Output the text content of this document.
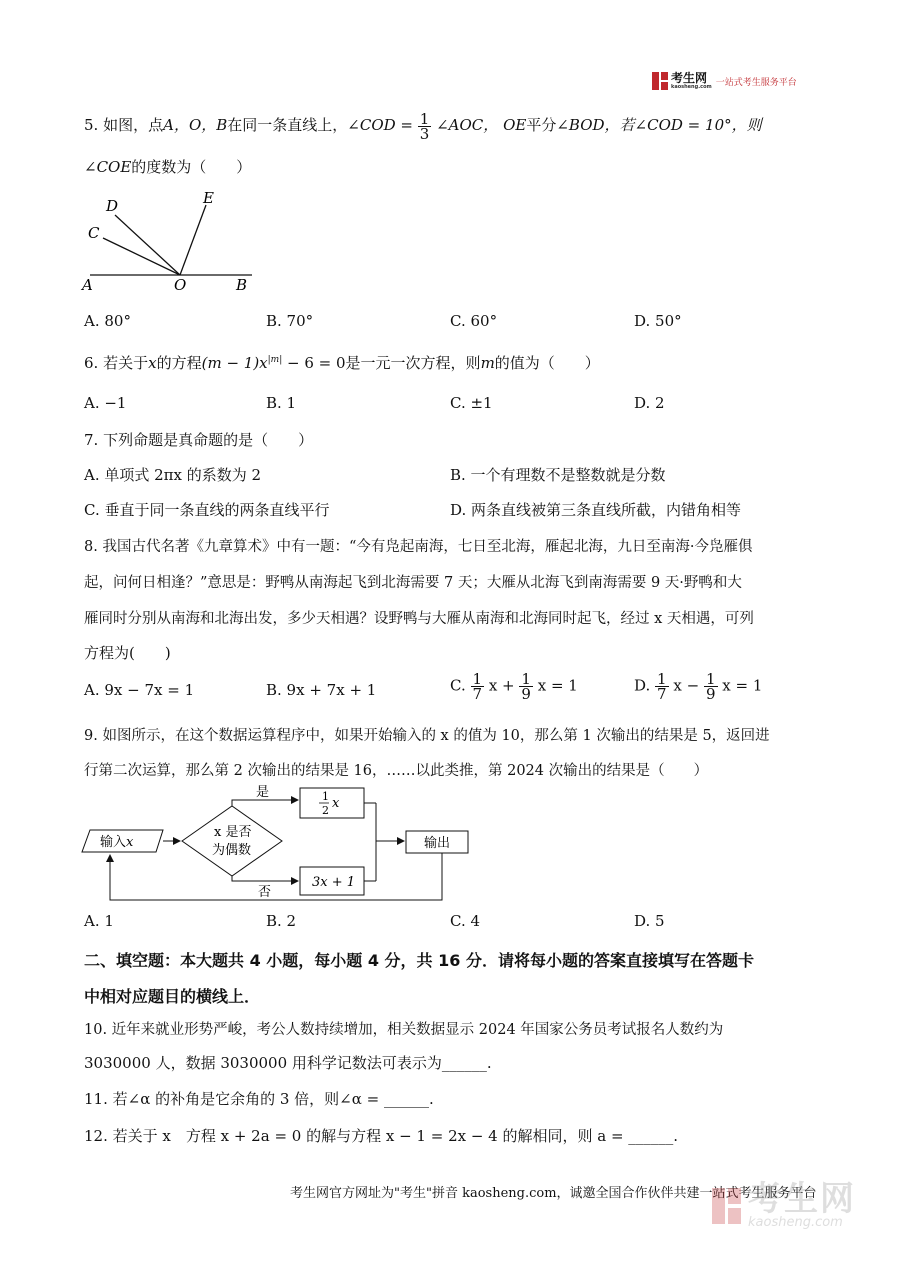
考生网
kaosheng.com 一站式考生服务平台
5. 如图，点A，O，B在同一条直线上，∠COD = $\frac{1}{3}$ ∠AOC， OE平分∠BOD，若∠COD = 10°，则
∠COE的度数为（　　）
D	E
C
A	O	B
A. 80°	B. 70°	C. 60°	D. 50°
6. 若关于x的方程$(m - 1)x^{|m|} - 6 = 0$是一元一次方程，则m的值为（　　）
A. −1	B. 1	C. ±1	D. 2
7. 下列命题是真命题的是（　　）
A. 单项式 2πx 的系数为 2	B. 一个有理数不是整数就是分数
C. 垂直于同一条直线的两条直线平行	D. 两条直线被第三条直线所截，内错角相等
8. 我国古代名著《九章算术》中有一题：“今有凫起南海，七日至北海，雁起北海，九日至南海·今凫雁俱
起，问何日相逢？”意思是：野鸭从南海起飞到北海需要 7 天；大雁从北海飞到南海需要 9 天·野鸭和大
雁同时分别从南海和北海出发，多少天相遇？设野鸭与大雁从南海和北海同时起飞，经过 x 天相遇，可列
方程为(　　)
A. 9x − 7x = 1	B. 9x + 7x + 1	C. $\frac{1}{7}$ $x + \frac{1}{9}$ x = 1	D. $\frac{1}{7}$ $x - \frac{1}{9}$ x = 1
9. 如图所示，在这个数据运算程序中，如果开始输入的 x 的值为 10，那么第 1 次输出的结果是 5，返回进
行第二次运算，那么第 2 次输出的结果是 16，……以此类推，第 2024 次输出的结果是（　　）
输入x
x 是否
为偶数
是	1
2 x
否
3x + 1
输出
A. 1	B. 2	C. 4	D. 5
二、填空题：本大题共 4 小题，每小题 4 分，共 16 分．请将每小题的答案直接填写在答题卡
中相对应题目的横线上．
10. 近年来就业形势严峻，考公人数持续增加，相关数据显示 2024 年国家公务员考试报名人数约为
3030000 人，数据 3030000 用科学记数法可表示为______.
11. 若∠α 的补角是它余角的 3 倍，则∠α = ______.
12. 若关于 x　方程 x + 2a = 0 的解与方程 x − 1 = 2x − 4 的解相同，则 a = ______.
考生网官方网址为"考生"拼音 kaosheng.com，诚邀全国合作伙伴共建一站式考生服务平台
考生网
kaosheng.com
